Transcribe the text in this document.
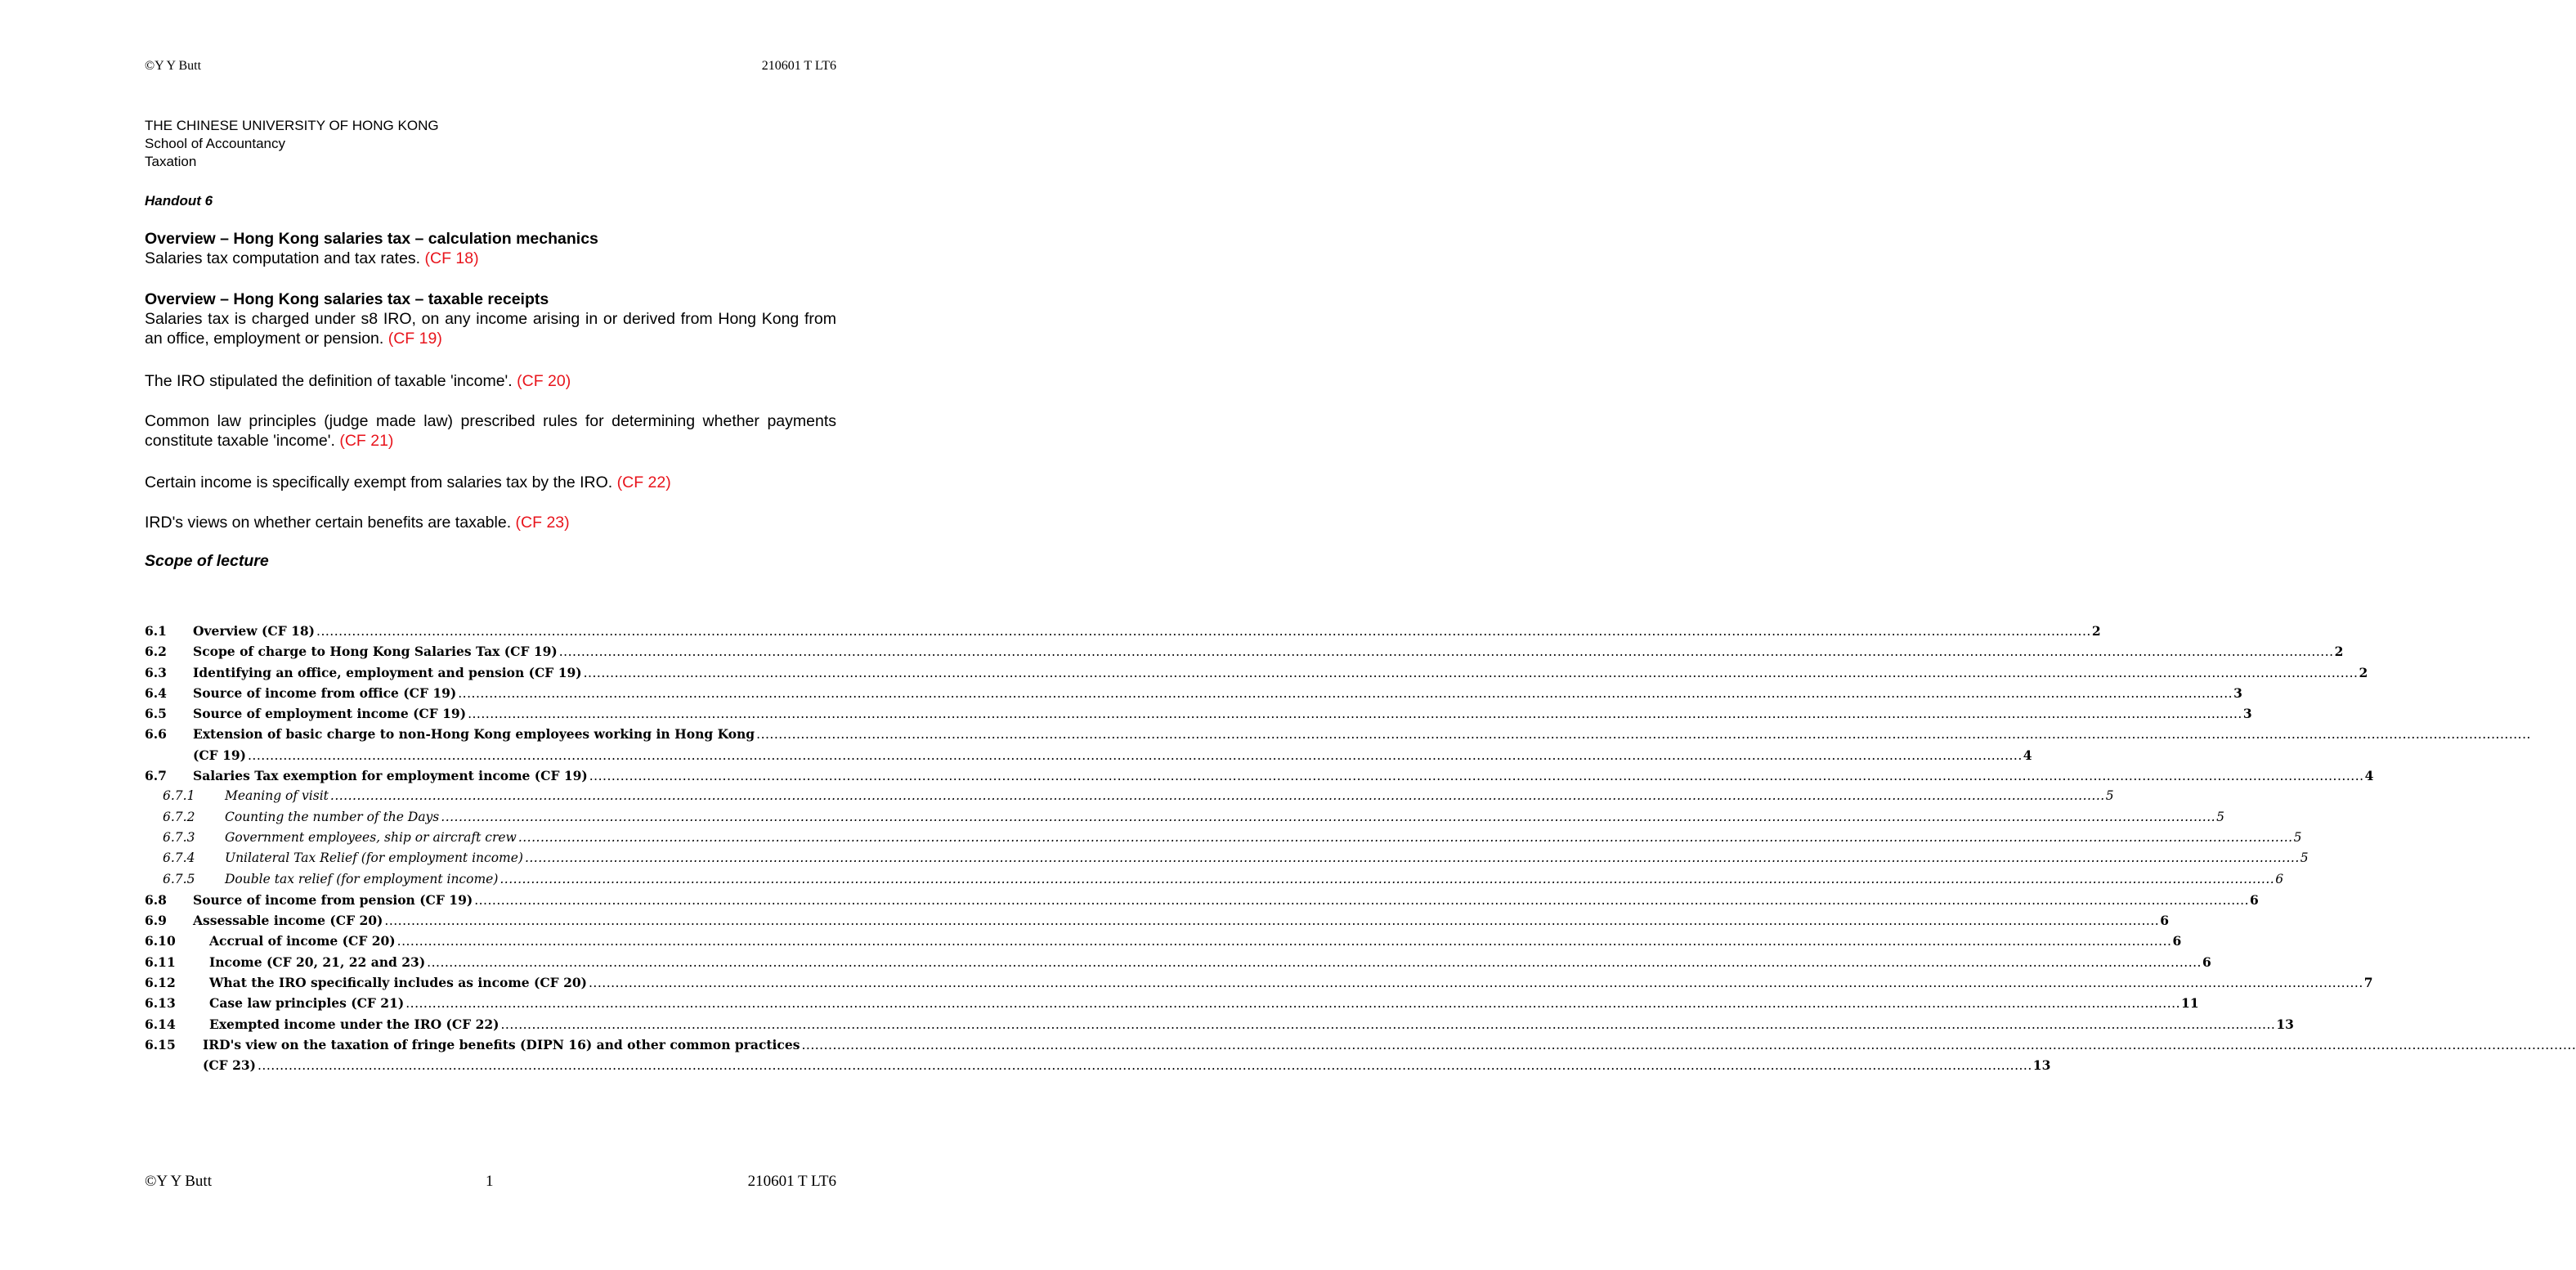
©Y Y Butt	210601 T LT6
THE CHINESE UNIVERSITY OF HONG KONG
School of Accountancy
Taxation
Handout 6
Overview – Hong Kong salaries tax – calculation mechanics
Salaries tax computation and tax rates. (CF 18)
Overview – Hong Kong salaries tax – taxable receipts
Salaries tax is charged under s8 IRO, on any income arising in or derived from Hong Kong from an office, employment or pension. (CF 19)
The IRO stipulated the definition of taxable 'income'. (CF 20)
Common law principles (judge made law) prescribed rules for determining whether payments constitute taxable 'income'. (CF 21)
Certain income is specifically exempt from salaries tax by the IRO. (CF 22)
IRD's views on whether certain benefits are taxable. (CF 23)
Scope of lecture
6.1 Overview (CF 18) ................................................................................................................................................................................................................................................................................................................................................................................................................ 2
6.2 Scope of charge to Hong Kong Salaries Tax (CF 19) ................................................................................................................................................................................................................................................................................................................................................................................................................ 2
6.3 Identifying an office, employment and pension (CF 19) ................................................................................................................................................................................................................................................................................................................................................................................................................ 2
6.4 Source of income from office (CF 19) ................................................................................................................................................................................................................................................................................................................................................................................................................ 3
6.5 Source of employment income (CF 19) ................................................................................................................................................................................................................................................................................................................................................................................................................ 3
6.6 Extension of basic charge to non-Hong Kong employees working in Hong Kong ................................................................................................................................................................................................................................................................................................................................................................................................................
(CF 19) ................................................................................................................................................................................................................................................................................................................................................................................................................ 4
6.7 Salaries Tax exemption for employment income (CF 19) ................................................................................................................................................................................................................................................................................................................................................................................................................ 4
6.7.1 Meaning of visit ................................................................................................................................................................................................................................................................................................................................................................................................................ 5
6.7.2 Counting the number of the Days ................................................................................................................................................................................................................................................................................................................................................................................................................ 5
6.7.3 Government employees, ship or aircraft crew ................................................................................................................................................................................................................................................................................................................................................................................................................ 5
6.7.4 Unilateral Tax Relief (for employment income) ................................................................................................................................................................................................................................................................................................................................................................................................................ 5
6.7.5 Double tax relief (for employment income) ................................................................................................................................................................................................................................................................................................................................................................................................................ 6
6.8 Source of income from pension (CF 19) ................................................................................................................................................................................................................................................................................................................................................................................................................ 6
6.9 Assessable income (CF 20) ................................................................................................................................................................................................................................................................................................................................................................................................................ 6
6.10	Accrual of income (CF 20) ................................................................................................................................................................................................................................................................................................................................................................................................................ 6
6.11	Income (CF 20, 21, 22 and 23) ................................................................................................................................................................................................................................................................................................................................................................................................................ 6
6.12	What the IRO specifically includes as income (CF 20) ................................................................................................................................................................................................................................................................................................................................................................................................................ 7
6.13	Case law principles (CF 21) ................................................................................................................................................................................................................................................................................................................................................................................................................ 11
6.14	Exempted income under the IRO (CF 22) ................................................................................................................................................................................................................................................................................................................................................................................................................ 13
6.15 IRD's view on the taxation of fringe benefits (DIPN 16) and other common practices ................................................................................................................................................................................................................................................................................................................................................................................................................
(CF 23) ................................................................................................................................................................................................................................................................................................................................................................................................................ 13
©Y Y Butt	1	210601 T LT6
